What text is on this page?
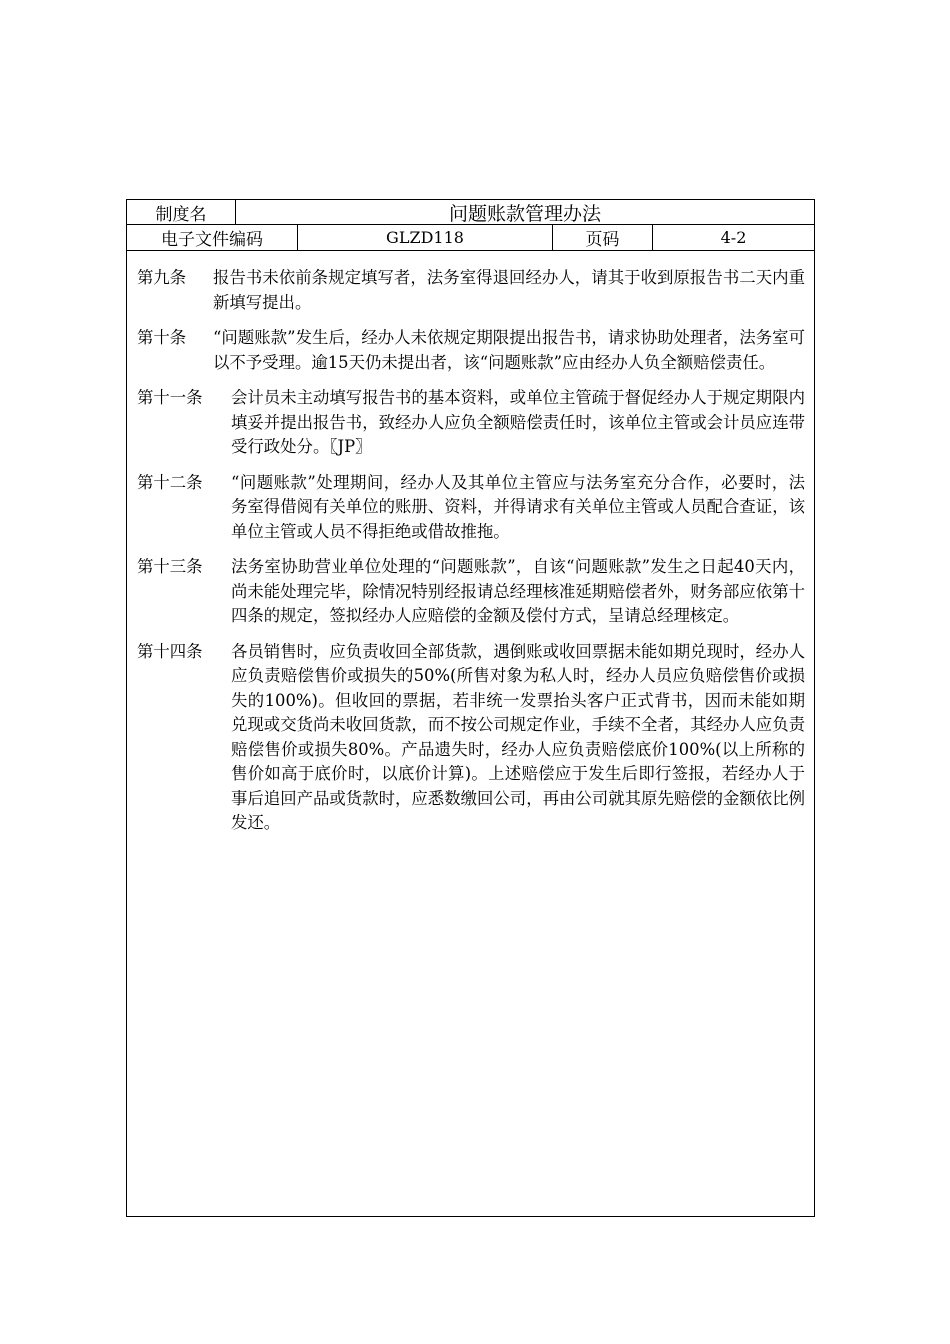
制度名	问题账款管理办法
电子文件编码	GLZD118	页码	4-2
第九条	报告书未依前条规定填写者，法务室得退回经办人，请其于收到原报告书二天内重新填写提出。
第十条	“问题账款”发生后，经办人未依规定期限提出报告书，请求协助处理者，法务室可以不予受理。逾15天仍未提出者，该“问题账款”应由经办人负全额赔偿责任。
第十一条	会计员未主动填写报告书的基本资料，或单位主管疏于督促经办人于规定期限内填妥并提出报告书，致经办人应负全额赔偿责任时，该单位主管或会计员应连带受行政处分。〖JP〗
第十二条	“问题账款”处理期间，经办人及其单位主管应与法务室充分合作，必要时，法务室得借阅有关单位的账册、资料，并得请求有关单位主管或人员配合查证，该单位主管或人员不得拒绝或借故推拖。
第十三条	法务室协助营业单位处理的“问题账款”，自该“问题账款”发生之日起40天内，尚未能处理完毕，除情况特别经报请总经理核准延期赔偿者外，财务部应依第十四条的规定，签拟经办人应赔偿的金额及偿付方式，呈请总经理核定。
第十四条	各员销售时，应负责收回全部货款，遇倒账或收回票据未能如期兑现时，经办人应负责赔偿售价或损失的50%(所售对象为私人时，经办人员应负赔偿售价或损失的100%)。但收回的票据，若非统一发票抬头客户正式背书，因而未能如期兑现或交货尚未收回货款，而不按公司规定作业，手续不全者，其经办人应负责赔偿售价或损失80%。产品遗失时，经办人应负责赔偿底价100%(以上所称的售价如高于底价时，以底价计算)。上述赔偿应于发生后即行签报，若经办人于事后追回产品或货款时，应悉数缴回公司，再由公司就其原先赔偿的金额依比例发还。
